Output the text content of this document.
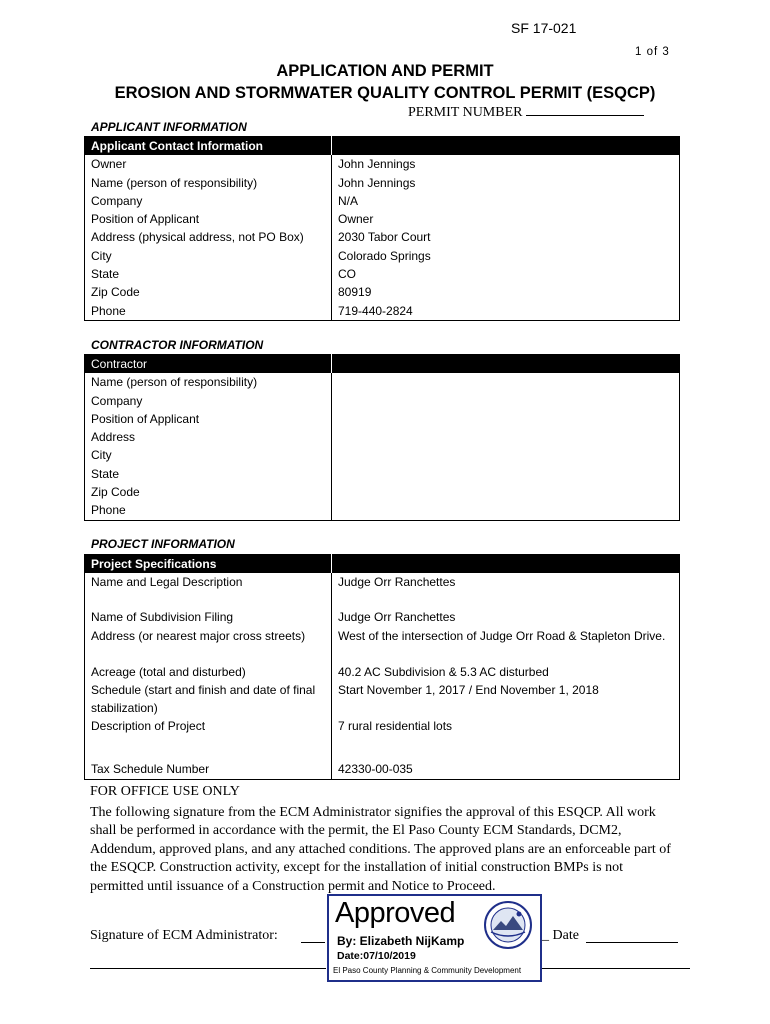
SF 17-021
1 of 3
APPLICATION AND PERMIT
EROSION AND STORMWATER QUALITY CONTROL PERMIT (ESQCP)
PERMIT NUMBER
APPLICANT INFORMATION
Applicant Contact Information	
Owner	John Jennings
Name (person of responsibility)	John Jennings
Company	N/A
Position of Applicant	Owner
Address (physical address, not PO Box)	2030 Tabor Court
City	Colorado Springs
State	CO
Zip Code	80919
Phone	719-440-2824
CONTRACTOR INFORMATION
Contractor	
Name (person of responsibility)	
Company	
Position of Applicant	
Address	
City	
State	
Zip Code	
Phone	
PROJECT INFORMATION
Project Specifications	
Name and Legal Description	Judge Orr Ranchettes
Name of Subdivision Filing	Judge Orr Ranchettes
Address (or nearest major cross streets)	West of the intersection of Judge Orr Road & Stapleton Drive.
Acreage (total and disturbed)	40.2 AC Subdivision & 5.3 AC disturbed
Schedule (start and finish and date of final stabilization)	Start November 1, 2017 / End November 1, 2018
Description of Project	7 rural residential lots
Tax Schedule Number	42330-00-035
FOR OFFICE USE ONLY
The following signature from the ECM Administrator signifies the approval of this ESQCP. All work shall be performed in accordance with the permit, the El Paso County ECM Standards, DCM2, Addendum, approved plans, and any attached conditions. The approved plans are an enforceable part of the ESQCP. Construction activity, except for the installation of initial construction BMPs is not permitted until issuance of a Construction permit and Notice to Proceed.
Signature of ECM Administrator:	_ Date
Approved
By: Elizabeth NijKamp
Date:07/10/2019
El Paso County Planning & Community Development
